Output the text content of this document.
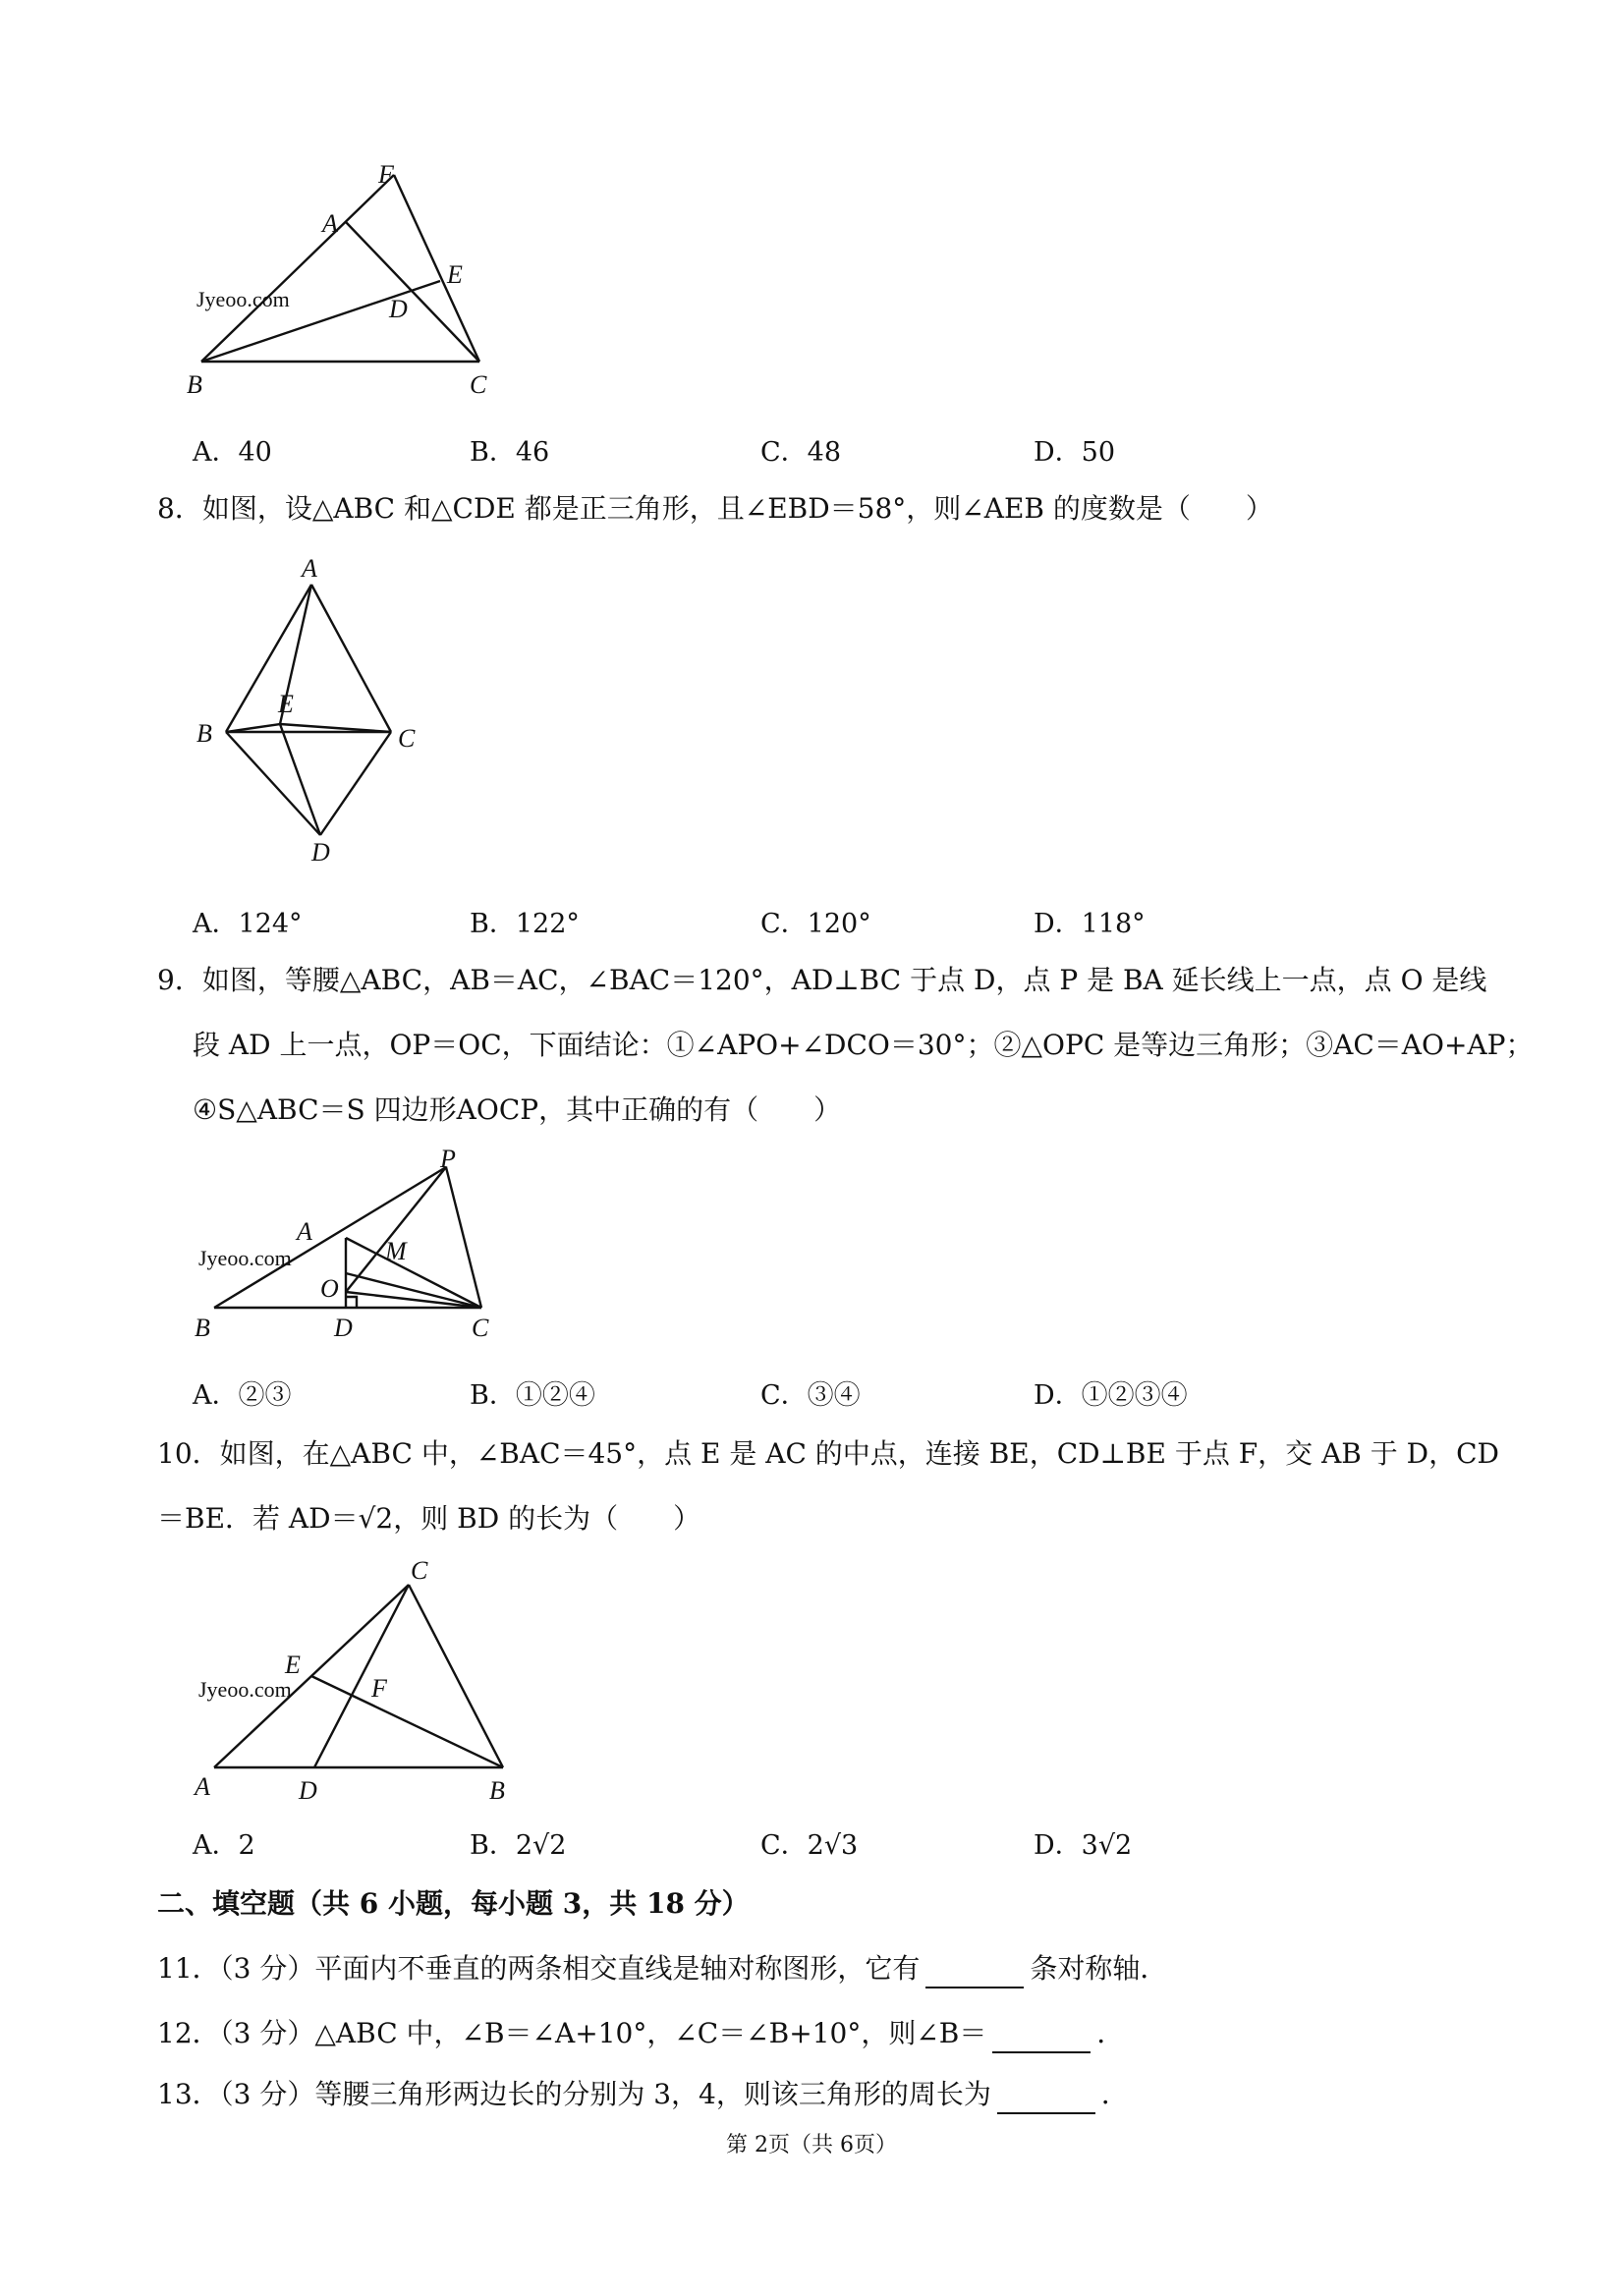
Jyeoo.com
B	C
A
F
E
D
A．40	B．46	C．48	D．50
8．如图，设△ABC 和△CDE 都是正三角形，且∠EBD＝58°，则∠AEB 的度数是（　　）
A
B	C
E
D
A．124°	B．122°	C．120°	D．118°
9．如图，等腰△ABC，AB＝AC，∠BAC＝120°，AD⊥BC 于点 D，点 P 是 BA 延长线上一点，点 O 是线
段 AD 上一点，OP＝OC，下面结论：①∠APO+∠DCO＝30°；②△OPC 是等边三角形；③AC＝AO+AP；
④S△ABC＝S 四边形AOCP，其中正确的有（　　）
Jyeoo.com
A
P
M
O
B	D	C
A．②③	B．①②④	C．③④	D．①②③④
10．如图，在△ABC 中，∠BAC＝45°，点 E 是 AC 的中点，连接 BE，CD⊥BE 于点 F，交 AB 于 D，CD
＝BE．若 AD＝√2，则 BD 的长为（　　）
Jyeoo.com
C
E
F
A	D	B
A．2	B．2√2	C．2√3	D．3√2
二、填空题（共 6 小题，每小题 3，共 18 分）
11．（3 分）平面内不垂直的两条相交直线是轴对称图形，它有	条对称轴．
12．（3 分）△ABC 中，∠B＝∠A+10°，∠C＝∠B+10°，则∠B＝	．
13．（3 分）等腰三角形两边长的分别为 3，4，则该三角形的周长为	．
第 2页（共 6页）
